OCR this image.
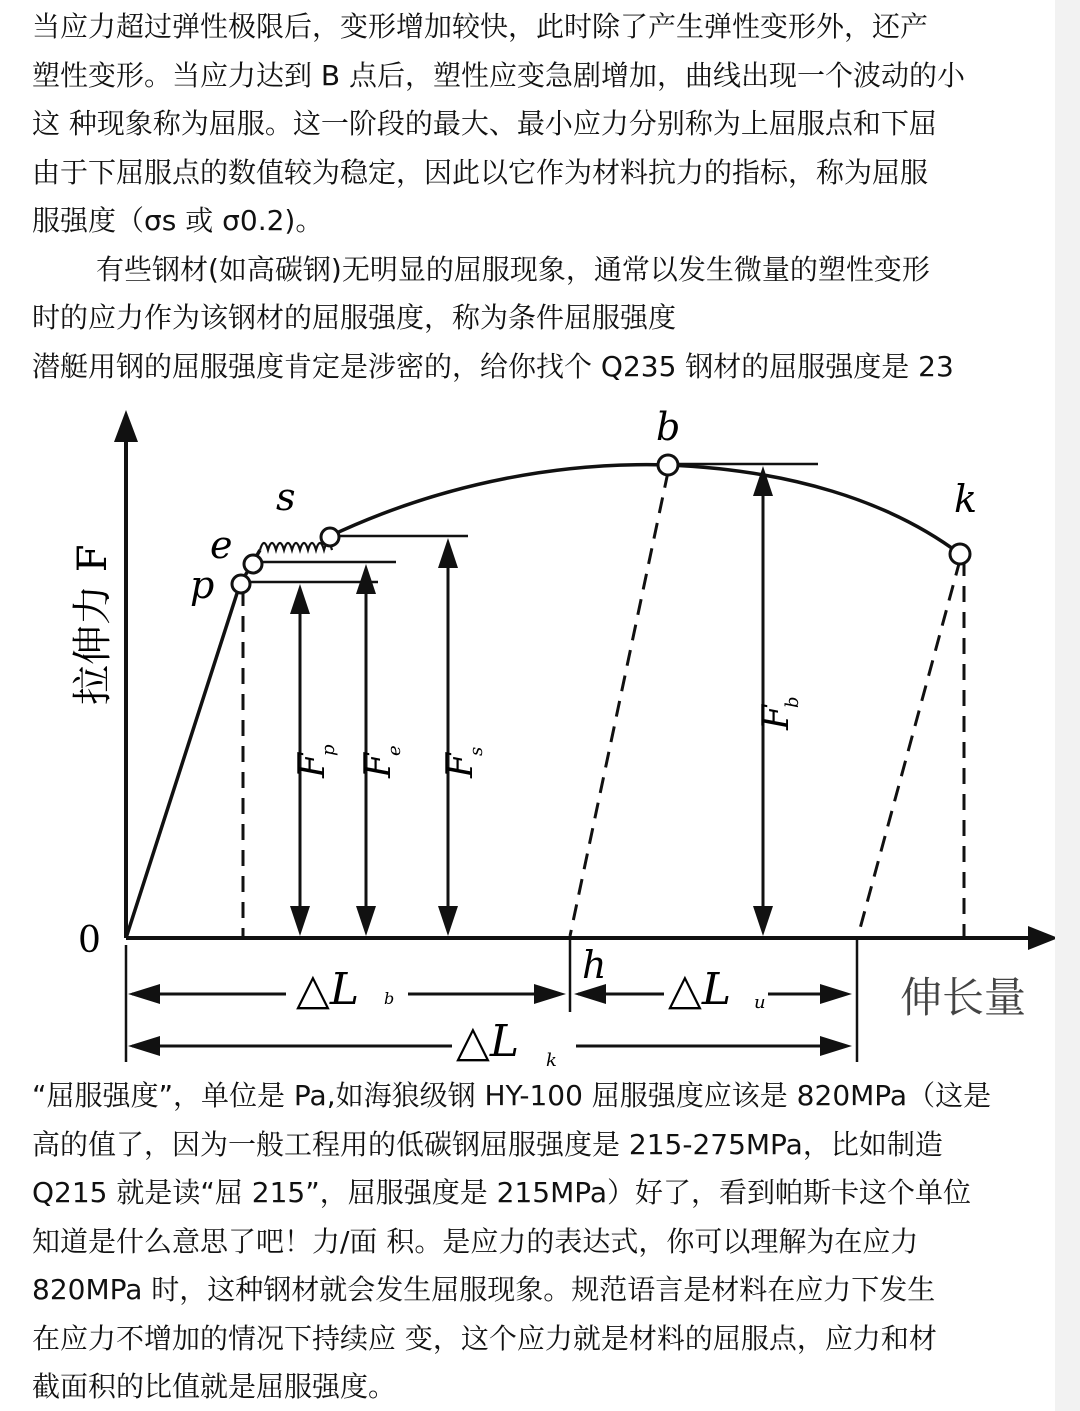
当应力超过弹性极限后，变形增加较快，此时除了产生弹性变形外，还产
塑性变形。当应力达到 B 点后，塑性应变急剧增加，曲线出现一个波动的小
这 种现象称为屈服。这一阶段的最大、最小应力分别称为上屈服点和下屈
由于下屈服点的数值较为稳定，因此以它作为材料抗力的指标，称为屈服
服强度（σs 或 σ0.2)。
有些钢材(如高碳钢)无明显的屈服现象，通常以发生微量的塑性变形
时的应力作为该钢材的屈服强度，称为条件屈服强度
潜艇用钢的屈服强度肯定是涉密的，给你找个 Q235 钢材的屈服强度是 23
p
e
s
b
k
h
0
拉伸力 F
伸长量
F
p
F
e
F
s
F
b
△L b	△L u
△L k
“屈服强度”，单位是 Pa,如海狼级钢 HY-100 屈服强度应该是 820MPa（这是
高的值了，因为一般工程用的低碳钢屈服强度是 215-275MPa，比如制造
Q215 就是读“屈 215”，屈服强度是 215MPa）好了，看到帕斯卡这个单位
知道是什么意思了吧！力/面 积。是应力的表达式，你可以理解为在应力
820MPa 时，这种钢材就会发生屈服现象。规范语言是材料在应力下发生
在应力不增加的情况下持续应 变，这个应力就是材料的屈服点，应力和材
截面积的比值就是屈服强度。
